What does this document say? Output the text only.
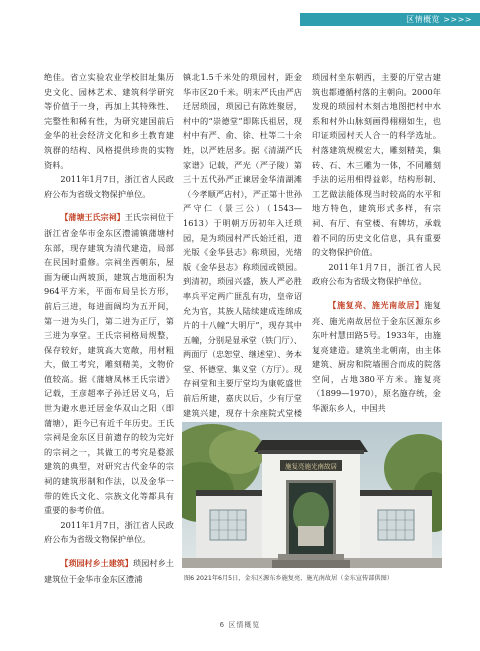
区情概览 >>>>

绝佳。省立实验农业学校旧址集历史文化、园林艺术、建筑科学研究等价值于一身，再加上其特殊性、完整性和稀有性，为研究建国前后金华的社会经济文化和乡土教育建筑群的结构、风格提供珍贵的实物资料。

2011年1月7日，浙江省人民政府公布为省级文物保护单位。

【蒲塘王氏宗祠】王氏宗祠位于浙江省金华市金东区澧浦镇蒲塘村东部，现存建筑为清代建造，局部在民国时重修。宗祠坐西朝东，屋面为硬山两坡顶，建筑占地面积为964平方米，平面布局呈长方形，前后三进，每进面阔均为五开间，第一进为头门，第二进为正厅，第三进为享堂。王氏宗祠格局规整，保存较好，建筑高大宽敞，用材粗大，做工考究，雕刻精美，文物价值较高。据《蒲塘凤林王氏宗谱》记载，王彦超率子孙迁居义乌，后世为避水患迁居金华双山之阳（即蒲塘），距今已有近千年历史。王氏宗祠是金东区目前遗存的较为完好的宗祠之一，其做工的考究是婺派建筑的典型，对研究古代金华的宗祠的建筑形制和作法，以及金华一带的姓氏文化、宗族文化等都具有重要的参考价值。

2011年1月7日，浙江省人民政府公布为省级文物保护单位。

【琐园村乡土建筑】琐园村乡土建筑位于金华市金东区澧浦

镇北1.5千米处的琐园村，距金华市区20千米。明末严氏由严店迁居琐园，琐园已有陈姓聚居，村中的“崇德堂”即陈氏祖居，现村中有严、俞、徐、杜等二十余姓，以严姓居多。据《清湖严氏家谱》记载，严光（严子陵）第三十五代孙严正谏居金华清湖滩（今孝顺严店村），严正第十世孙严守仁（景三公）（1543—1613）于明朝万历初年入迁琐园，是为琐园村严氏始迁祖，道光版《金华县志》称琐园，光绪版《金华县志》称琐园或锁园。到清初，琐园兴盛，族人严必胜率兵平定两广匪乱有功，皇帝诏允为官，其族人陆续建成连绵成片的十八幢“大明厅”，现存其中五幢，分别是显承堂（铁门厅）、两面厅（忠恕堂、继述堂）、务本堂、怀德堂、集义堂（方厅）。现存祠堂和主要厅堂均为康乾盛世前后所建，嘉庆以后，少有厅堂建筑兴建，现存十余座院式堂楼

琐园村坐东朝西，主要的厅堂古建筑也都遵循村落的主朝向。2000年发现的琐园村木刻古地图把村中水系和村外山脉刻画得栩栩如生，也印证琐园村天人合一的科学选址。村落建筑规模宏大，雕刻精美，集砖、石、木三雕为一体，不同雕刻手法的运用相得益彰，结构形制、工艺做法能体现当时较高的水平和地方特色，建筑形式多样，有宗祠、有厅、有堂楼、有牌坊，承载着不同的历史文化信息，具有重要的文物保护价值。

2011年1月7日，浙江省人民政府公布为省级文物保护单位。

【施复亮、施光南故居】施复亮、施光南故居位于金东区源东乡东叶村慧田路5号。1933年，由施复亮建造。建筑坐北朝南，由主体建筑、厨房和院墙围合而成的院落空间，占地380平方米。施复亮（1899—1970），原名施存统，金华源东乡人，中国共

施复亮施光南故居
图6 2021年6月5日，金东区源东乡施复亮、施光南故居（金东宣传部供图）
6 区情概览
